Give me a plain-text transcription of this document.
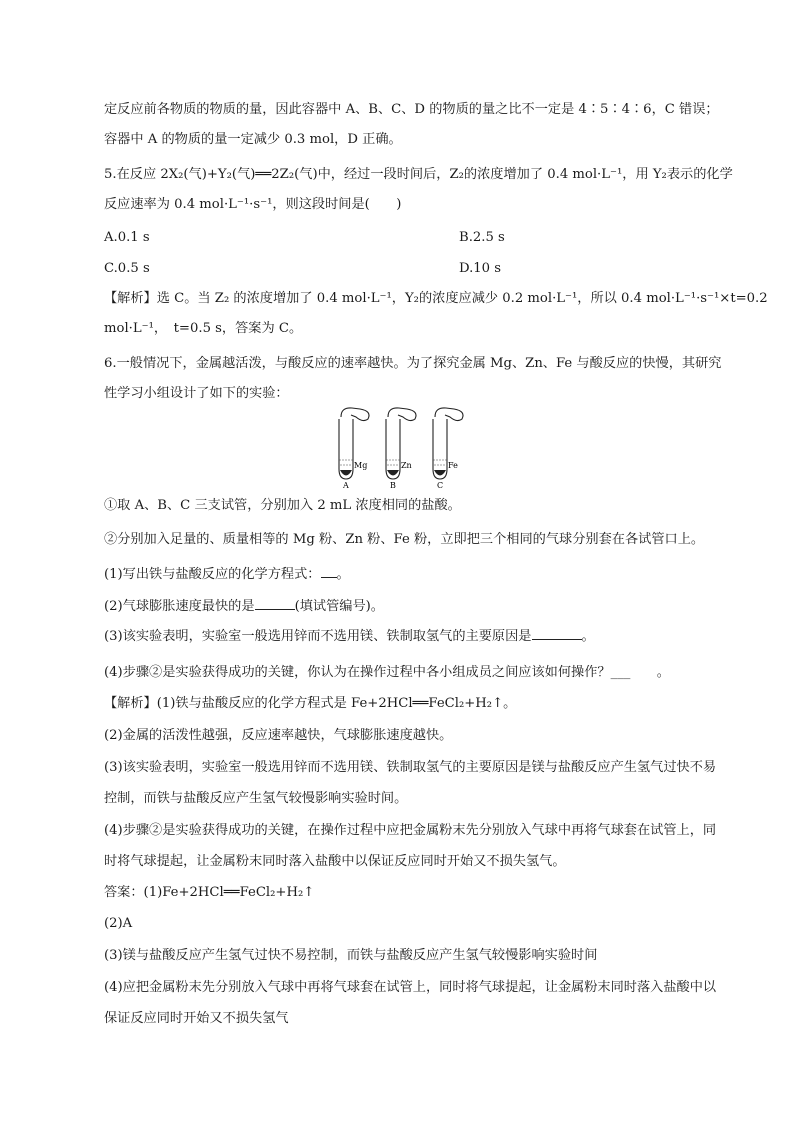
定反应前各物质的物质的量，因此容器中 A、B、C、D 的物质的量之比不一定是 4∶5∶4∶6，C 错误；
容器中 A 的物质的量一定减少 0.3 mol，D 正确。
5.在反应 2X₂(气)+Y₂(气)══2Z₂(气)中，经过一段时间后，Z₂的浓度增加了 0.4 mol·L⁻¹，用 Y₂表示的化学
反应速率为 0.4 mol·L⁻¹·s⁻¹，则这段时间是(　　)
【解析】选 C。当 Z₂ 的浓度增加了 0.4 mol·L⁻¹，Y₂的浓度应减少 0.2 mol·L⁻¹，所以 0.4 mol·L⁻¹·s⁻¹×t=0.2
mol·L⁻¹，　t=0.5 s，答案为 C。
6.一般情况下，金属越活泼，与酸反应的速率越快。为了探究金属 Mg、Zn、Fe 与酸反应的快慢，其研究
性学习小组设计了如下的实验：
①取 A、B、C 三支试管，分别加入 2 mL 浓度相同的盐酸。
②分别加入足量的、质量相等的 Mg 粉、Zn 粉、Fe 粉，立即把三个相同的气球分别套在各试管口上。
(4)步骤②是实验获得成功的关键，你认为在操作过程中各小组成员之间应该如何操作？___　　。
【解析】(1)铁与盐酸反应的化学方程式是 Fe+2HCl══FeCl₂+H₂↑。
(2)金属的活泼性越强，反应速率越快，气球膨胀速度越快。
(3)该实验表明，实验室一般选用锌而不选用镁、铁制取氢气的主要原因是镁与盐酸反应产生氢气过快不易
控制，而铁与盐酸反应产生氢气较慢影响实验时间。
(4)步骤②是实验获得成功的关键，在操作过程中应把金属粉末先分别放入气球中再将气球套在试管上，同
时将气球提起，让金属粉末同时落入盐酸中以保证反应同时开始又不损失氢气。
答案：(1)Fe+2HCl══FeCl₂+H₂↑
(2)A
(3)镁与盐酸反应产生氢气过快不易控制，而铁与盐酸反应产生氢气较慢影响实验时间
(4)应把金属粉末先分别放入气球中再将气球套在试管上，同时将气球提起，让金属粉末同时落入盐酸中以
保证反应同时开始又不损失氢气
A.0.1 s	B.2.5 s
C.0.5 s	D.10 s
(1)写出铁与盐酸反应的化学方程式： 。
(2)气球膨胀速度最快的是	(填试管编号)。
(3)该实验表明，实验室一般选用锌而不选用镁、铁制取氢气的主要原因是	。
Mg
A
Zn
B
Fe
C
